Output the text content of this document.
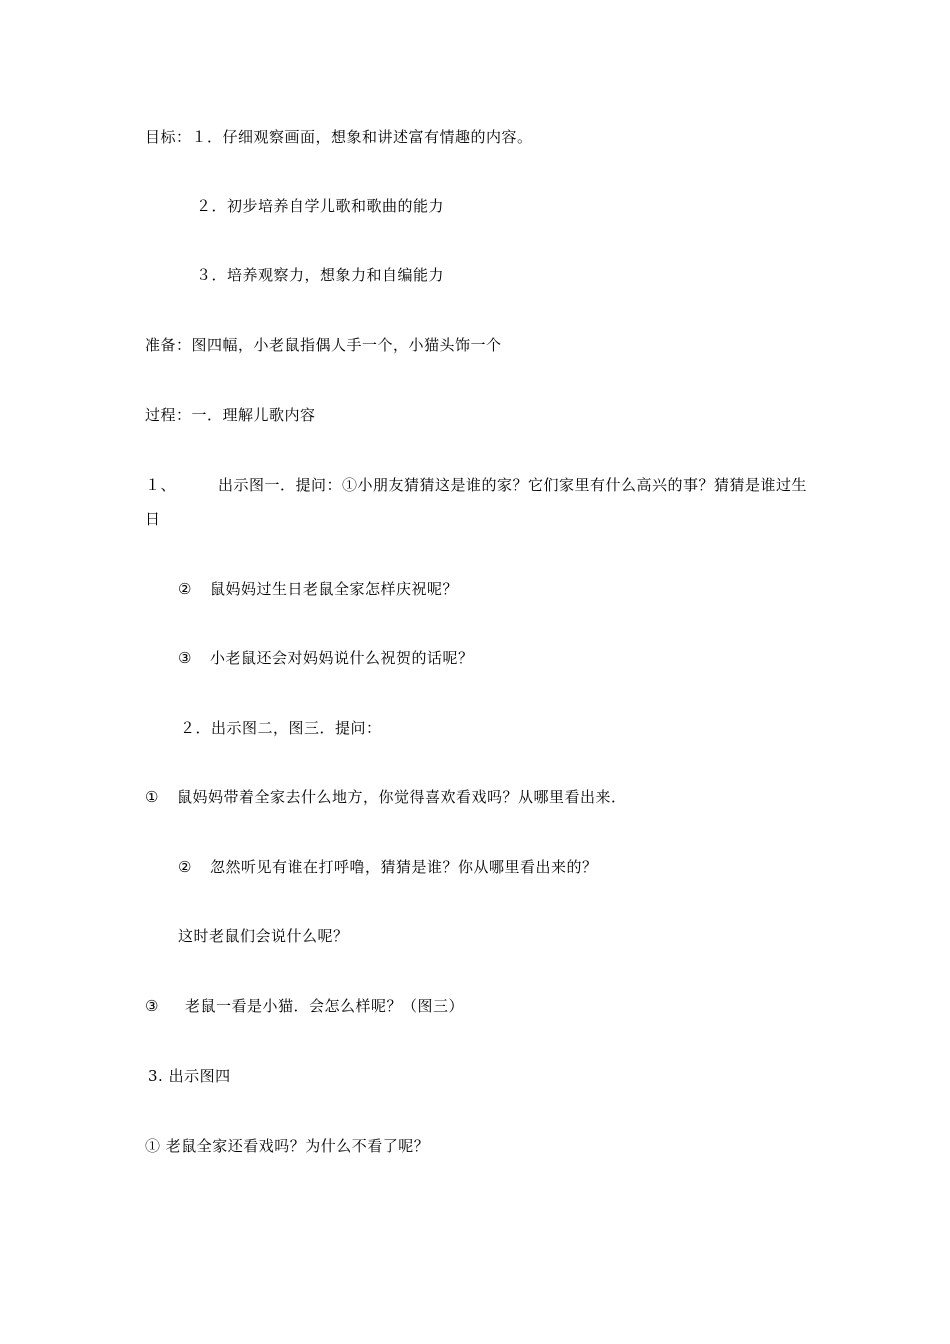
目标：１．仔细观察画面，想象和讲述富有情趣的内容。
２．初步培养自学儿歌和歌曲的能力
３．培养观察力，想象力和自编能力
准备：图四幅，小老鼠指偶人手一个，小猫头饰一个
过程：一．理解儿歌内容
１、	出示图一．提问：①小朋友猜猜这是谁的家？它们家里有什么高兴的事？猜猜是谁过生日
② 鼠妈妈过生日老鼠全家怎样庆祝呢？
③ 小老鼠还会对妈妈说什么祝贺的话呢？
２．出示图二，图三．提问：
① 鼠妈妈带着全家去什么地方，你觉得喜欢看戏吗？从哪里看出来．
② 忽然听见有谁在打呼噜，猜猜是谁？你从哪里看出来的？
这时老鼠们会说什么呢？
③ 老鼠一看是小猫．会怎么样呢？（图三）
3. 出示图四
① 老鼠全家还看戏吗？为什么不看了呢？
